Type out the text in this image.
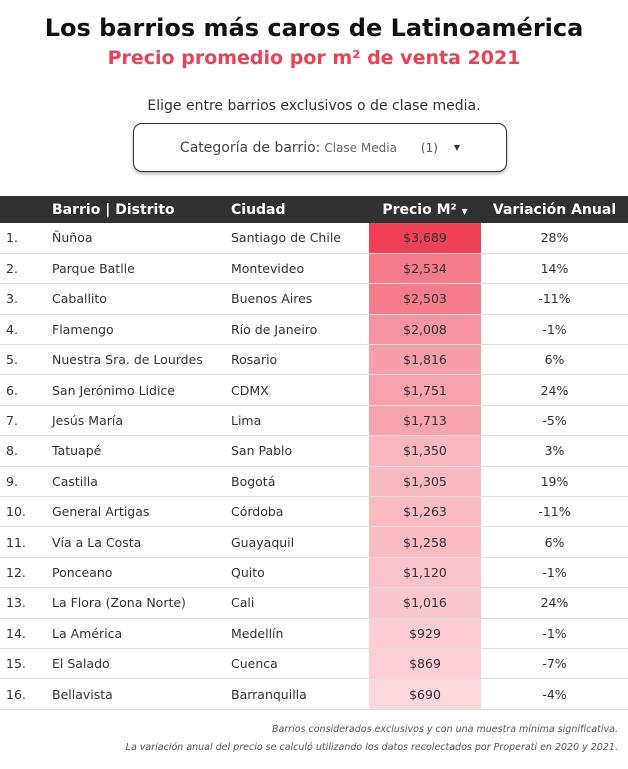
Los barrios más caros de Latinoamérica
Precio promedio por m² de venta 2021
Elige entre barrios exclusivos o de clase media.
Categoría de barrio: Clase Media (1) ▼
	Barrio | Distrito	Ciudad	Precio M² ▼	Variación Anual
1.	Ñuñoa	Santiago de Chile	$3,689	28%
2.	Parque Batlle	Montevideo	$2,534	14%
3.	Caballito	Buenos Aires	$2,503	-11%
4.	Flamengo	Río de Janeiro	$2,008	-1%
5.	Nuestra Sra. de Lourdes	Rosario	$1,816	6%
6.	San Jerónimo Lidice	CDMX	$1,751	24%
7.	Jesús María	Lima	$1,713	-5%
8.	Tatuapé	San Pablo	$1,350	3%
9.	Castilla	Bogotá	$1,305	19%
10.	General Artigas	Córdoba	$1,263	-11%
11.	Vía a La Costa	Guayaquil	$1,258	6%
12.	Ponceano	Quito	$1,120	-1%
13.	La Flora (Zona Norte)	Cali	$1,016	24%
14.	La América	Medellín	$929	-1%
15.	El Salado	Cuenca	$869	-7%
16.	Bellavista	Barranquilla	$690	-4%
Barrios considerados exclusivos y con una muestra mínima significativa.
La variación anual del precio se calculó utilizando los datos recolectados por Properati en 2020 y 2021.
